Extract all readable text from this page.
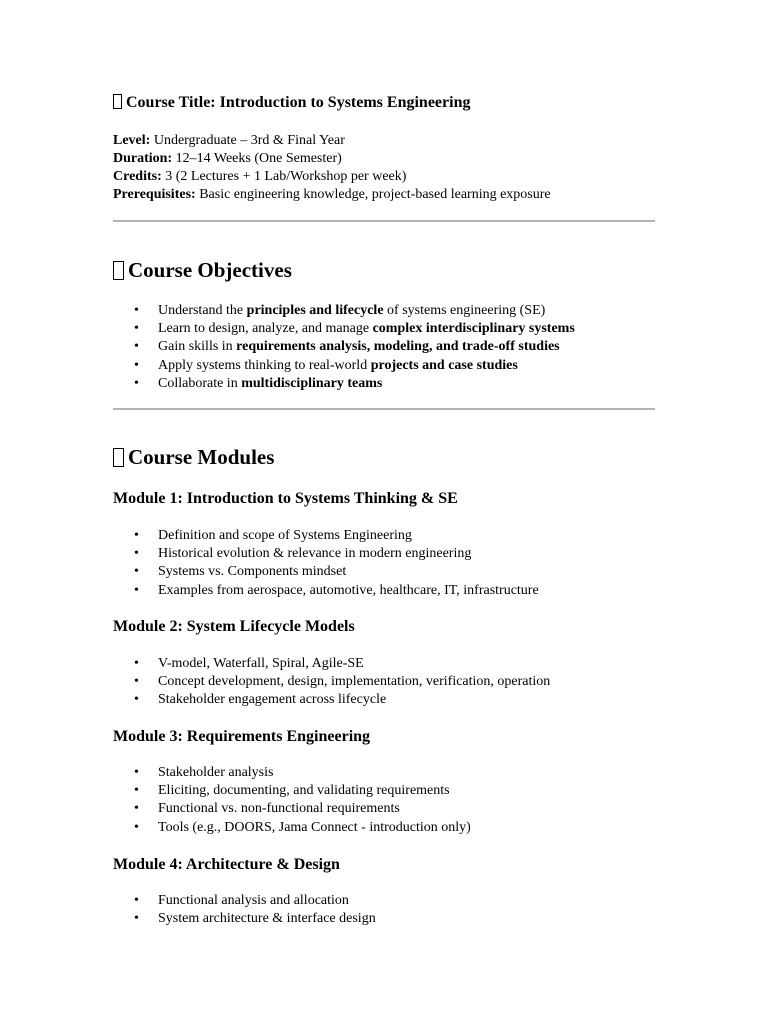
Course Title: Introduction to Systems Engineering
Level: Undergraduate – 3rd & Final Year
Duration: 12–14 Weeks (One Semester)
Credits: 3 (2 Lectures + 1 Lab/Workshop per week)
Prerequisites: Basic engineering knowledge, project-based learning exposure
Course Objectives
• Understand the principles and lifecycle of systems engineering (SE)
• Learn to design, analyze, and manage complex interdisciplinary systems
• Gain skills in requirements analysis, modeling, and trade-off studies
• Apply systems thinking to real-world projects and case studies
• Collaborate in multidisciplinary teams
Course Modules
Module 1: Introduction to Systems Thinking & SE
• Definition and scope of Systems Engineering
• Historical evolution & relevance in modern engineering
• Systems vs. Components mindset
• Examples from aerospace, automotive, healthcare, IT, infrastructure
Module 2: System Lifecycle Models
• V-model, Waterfall, Spiral, Agile-SE
• Concept development, design, implementation, verification, operation
• Stakeholder engagement across lifecycle
Module 3: Requirements Engineering
• Stakeholder analysis
• Eliciting, documenting, and validating requirements
• Functional vs. non-functional requirements
• Tools (e.g., DOORS, Jama Connect - introduction only)
Module 4: Architecture & Design
• Functional analysis and allocation
• System architecture & interface design
